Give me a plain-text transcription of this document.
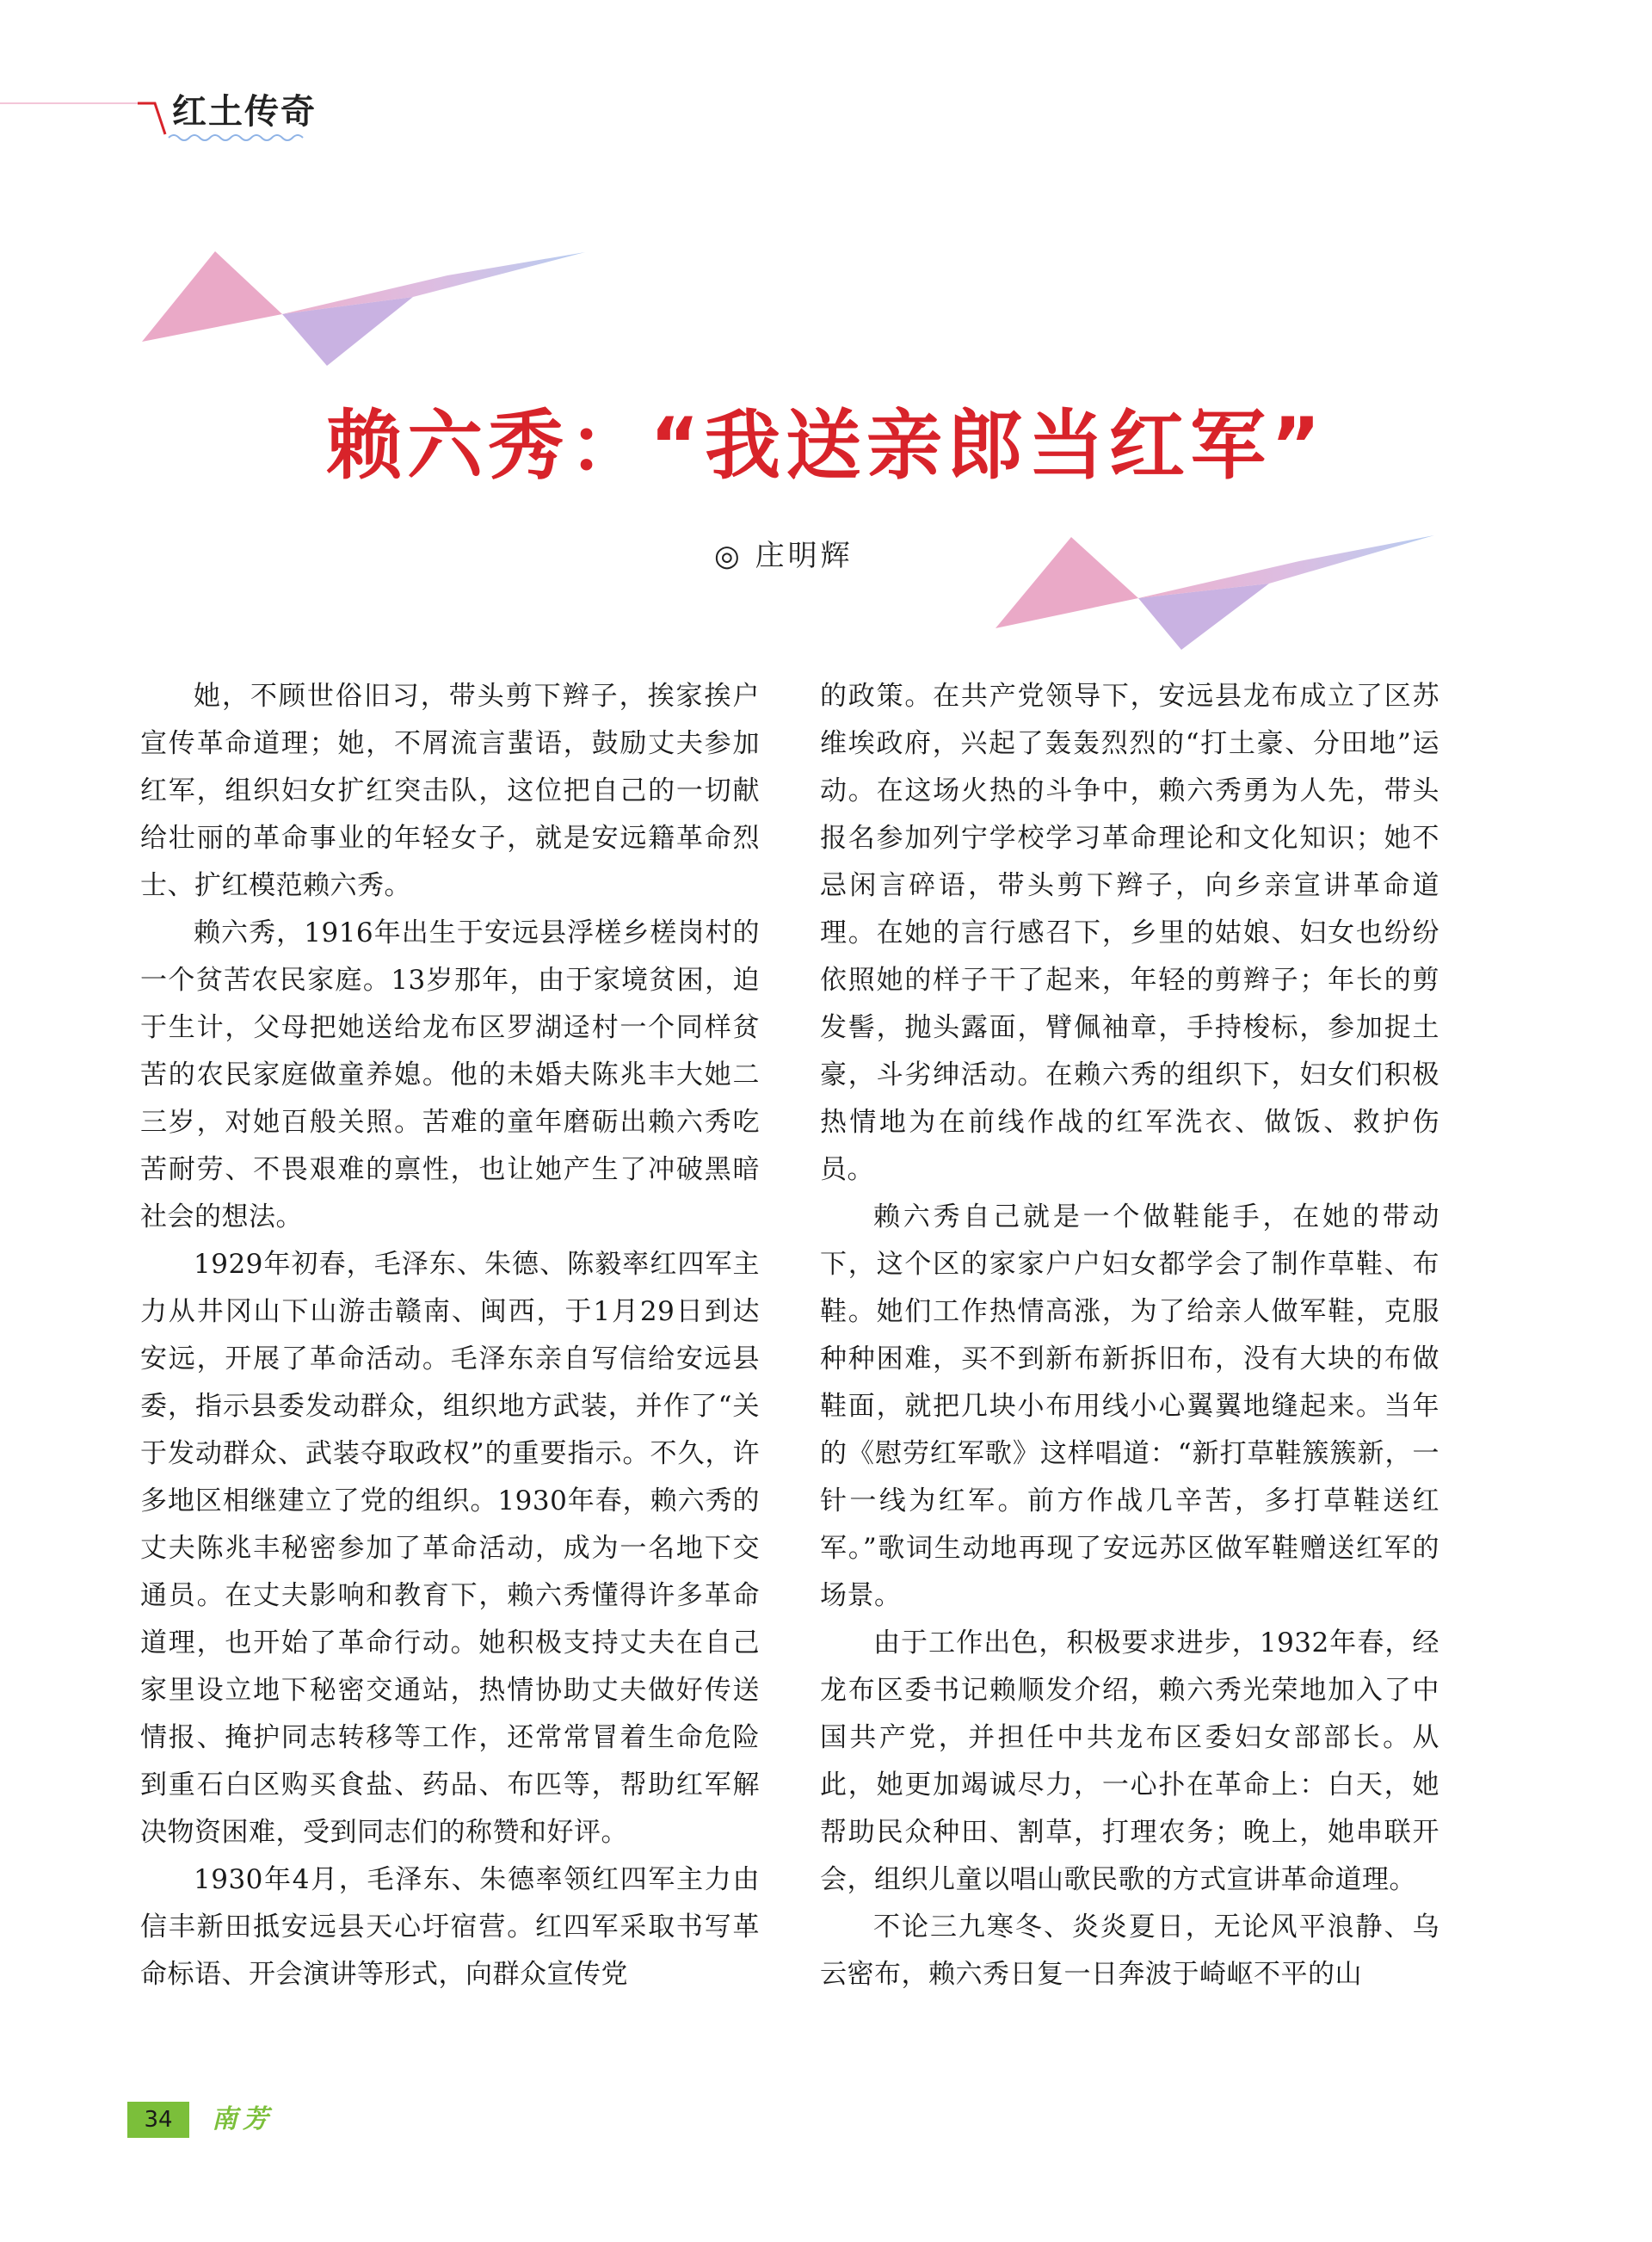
红土传奇
赖六秀：“我送亲郎当红军”
◎ 庄明辉

她，不顾世俗旧习，带头剪下辫子，挨家挨户宣传革命道理；她，不屑流言蜚语，鼓励丈夫参加红军，组织妇女扩红突击队，这位把自己的一切献给壮丽的革命事业的年轻女子，就是安远籍革命烈士、扩红模范赖六秀。

赖六秀，1916年出生于安远县浮槎乡槎岗村的一个贫苦农民家庭。13岁那年，由于家境贫困，迫于生计，父母把她送给龙布区罗湖迳村一个同样贫苦的农民家庭做童养媳。他的未婚夫陈兆丰大她二三岁，对她百般关照。苦难的童年磨砺出赖六秀吃苦耐劳、不畏艰难的禀性，也让她产生了冲破黑暗社会的想法。

1929年初春，毛泽东、朱德、陈毅率红四军主力从井冈山下山游击赣南、闽西，于1月29日到达安远，开展了革命活动。毛泽东亲自写信给安远县委，指示县委发动群众，组织地方武装，并作了“关于发动群众、武装夺取政权”的重要指示。不久，许多地区相继建立了党的组织。1930年春，赖六秀的丈夫陈兆丰秘密参加了革命活动，成为一名地下交通员。在丈夫影响和教育下，赖六秀懂得许多革命道理，也开始了革命行动。她积极支持丈夫在自己家里设立地下秘密交通站，热情协助丈夫做好传送情报、掩护同志转移等工作，还常常冒着生命危险到重石白区购买食盐、药品、布匹等，帮助红军解决物资困难，受到同志们的称赞和好评。

1930年4月，毛泽东、朱德率领红四军主力由信丰新田抵安远县天心圩宿营。红四军采取书写革命标语、开会演讲等形式，向群众宣传党

的政策。在共产党领导下，安远县龙布成立了区苏维埃政府，兴起了轰轰烈烈的“打土豪、分田地”运动。在这场火热的斗争中，赖六秀勇为人先，带头报名参加列宁学校学习革命理论和文化知识；她不忌闲言碎语，带头剪下辫子，向乡亲宣讲革命道理。在她的言行感召下，乡里的姑娘、妇女也纷纷依照她的样子干了起来，年轻的剪辫子；年长的剪发髻，抛头露面，臂佩袖章，手持梭标，参加捉土豪，斗劣绅活动。在赖六秀的组织下，妇女们积极热情地为在前线作战的红军洗衣、做饭、救护伤员。

赖六秀自己就是一个做鞋能手，在她的带动下，这个区的家家户户妇女都学会了制作草鞋、布鞋。她们工作热情高涨，为了给亲人做军鞋，克服种种困难，买不到新布新拆旧布，没有大块的布做鞋面，就把几块小布用线小心翼翼地缝起来。当年的《慰劳红军歌》这样唱道：“新打草鞋簇簇新，一针一线为红军。前方作战几辛苦，多打草鞋送红军。”歌词生动地再现了安远苏区做军鞋赠送红军的场景。

由于工作出色，积极要求进步，1932年春，经龙布区委书记赖顺发介绍，赖六秀光荣地加入了中国共产党，并担任中共龙布区委妇女部部长。从此，她更加竭诚尽力，一心扑在革命上：白天，她帮助民众种田、割草，打理农务；晚上，她串联开会，组织儿童以唱山歌民歌的方式宣讲革命道理。

不论三九寒冬、炎炎夏日，无论风平浪静、乌云密布，赖六秀日复一日奔波于崎岖不平的山

34	南芳
